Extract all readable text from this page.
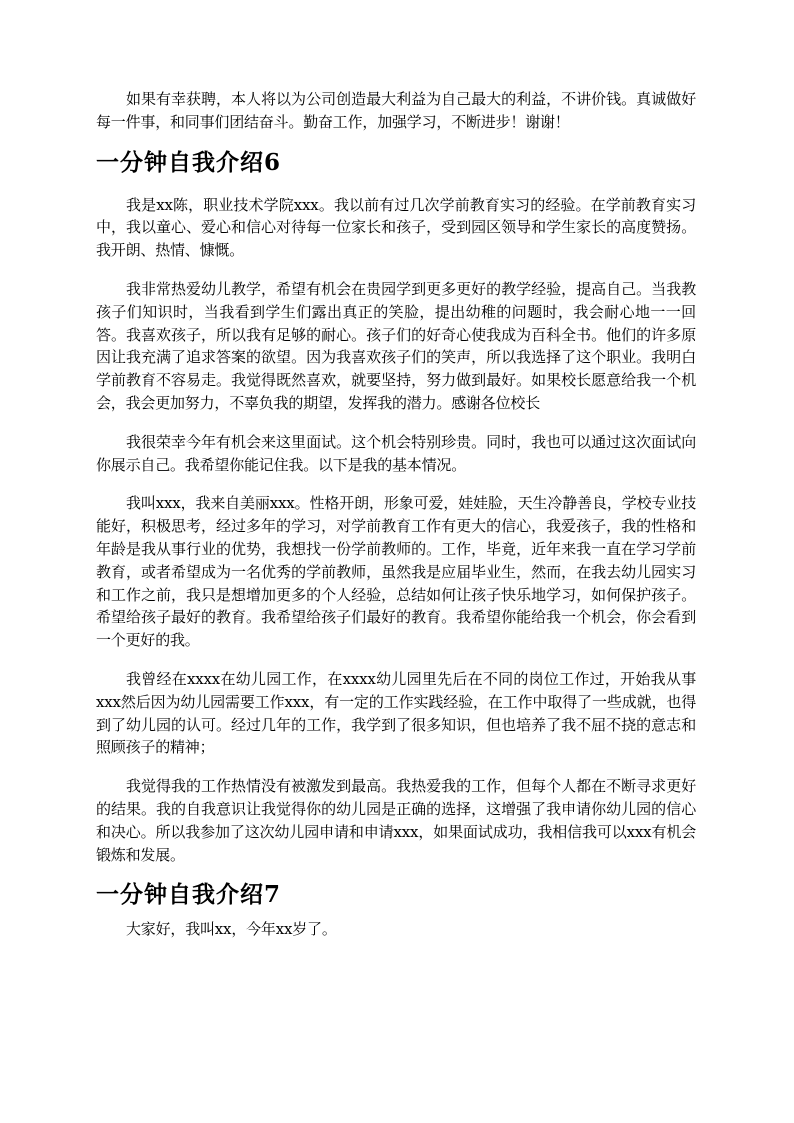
如果有幸获聘，本人将以为公司创造最大利益为自己最大的利益，不讲价钱。真诚做好每一件事，和同事们团结奋斗。勤奋工作，加强学习，不断进步！谢谢！

一分钟自我介绍6

我是xx陈，职业技术学院xxx。我以前有过几次学前教育实习的经验。在学前教育实习中，我以童心、爱心和信心对待每一位家长和孩子，受到园区领导和学生家长的高度赞扬。我开朗、热情、慷慨。

我非常热爱幼儿教学，希望有机会在贵园学到更多更好的教学经验，提高自己。当我教孩子们知识时，当我看到学生们露出真正的笑脸，提出幼稚的问题时，我会耐心地一一回答。我喜欢孩子，所以我有足够的耐心。孩子们的好奇心使我成为百科全书。他们的许多原因让我充满了追求答案的欲望。因为我喜欢孩子们的笑声，所以我选择了这个职业。我明白学前教育不容易走。我觉得既然喜欢，就要坚持，努力做到最好。如果校长愿意给我一个机会，我会更加努力，不辜负我的期望，发挥我的潜力。感谢各位校长

我很荣幸今年有机会来这里面试。这个机会特别珍贵。同时，我也可以通过这次面试向你展示自己。我希望你能记住我。以下是我的基本情况。

我叫xxx，我来自美丽xxx。性格开朗，形象可爱，娃娃脸，天生冷静善良，学校专业技能好，积极思考，经过多年的学习，对学前教育工作有更大的信心，我爱孩子，我的性格和年龄是我从事行业的优势，我想找一份学前教师的。工作，毕竟，近年来我一直在学习学前教育，或者希望成为一名优秀的学前教师，虽然我是应届毕业生，然而，在我去幼儿园实习和工作之前，我只是想增加更多的个人经验，总结如何让孩子快乐地学习，如何保护孩子。希望给孩子最好的教育。我希望给孩子们最好的教育。我希望你能给我一个机会，你会看到一个更好的我。

我曾经在xxxx在幼儿园工作，在xxxx幼儿园里先后在不同的岗位工作过，开始我从事xxx然后因为幼儿园需要工作xxx，有一定的工作实践经验，在工作中取得了一些成就，也得到了幼儿园的认可。经过几年的工作，我学到了很多知识，但也培养了我不屈不挠的意志和照顾孩子的精神；

我觉得我的工作热情没有被激发到最高。我热爱我的工作，但每个人都在不断寻求更好的结果。我的自我意识让我觉得你的幼儿园是正确的选择，这增强了我申请你幼儿园的信心和决心。所以我参加了这次幼儿园申请和申请xxx，如果面试成功，我相信我可以xxx有机会锻炼和发展。

一分钟自我介绍7

大家好，我叫xx，今年xx岁了。
